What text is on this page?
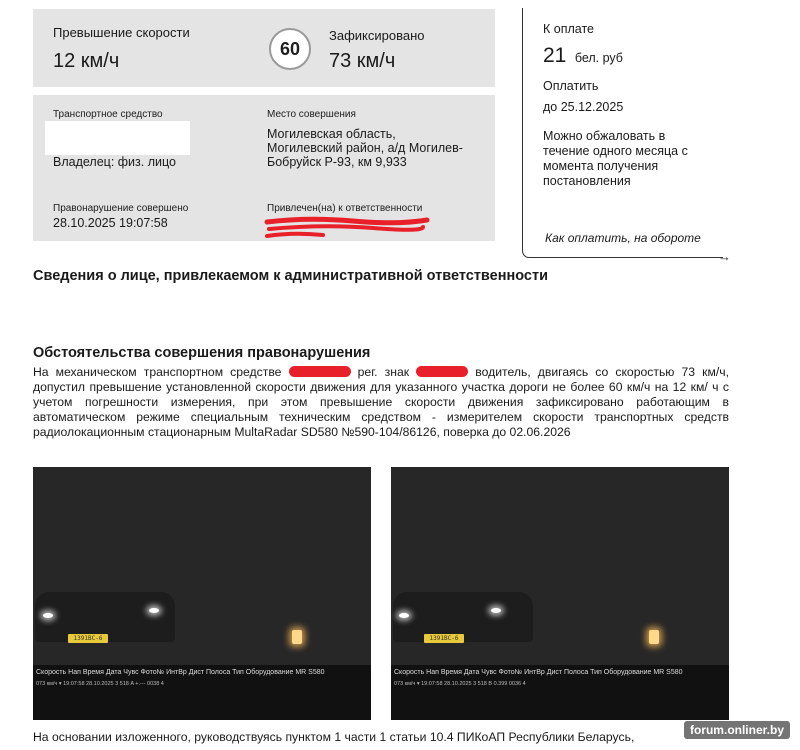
Превышение скорости
12 км/ч
60
Зафиксировано
73 км/ч
Транспортное средство
Владелец: физ. лицо
Место совершения
Могилевская область,
Могилевский район, а/д Могилев-
Бобруйск Р-93, км 9,933
Правонарушение совершено
28.10.2025 19:07:58
Привлечен(на) к ответственности
→
К оплате
21 бел. руб
Оплатить
до 25.12.2025
Можно обжаловать в
течение одного месяца с
момента получения
постановления
Как оплатить, на обороте
Сведения о лице, привлекаемом к административной ответственности
Обстоятельства совершения правонарушения
На механическом транспортном средстве	рег. знак	водитель, двигаясь со скоростью 73 км/ч, допустил превышение установленной скорости движения для указанного участка дороги не более 60 км/ч на 12 км/ ч с учетом погрешности измерения, при этом превышение скорости движения зафиксировано работающим в автоматическом режиме специальным техническим средством - измерителем скорости транспортных средств радиолокационным стационарным MultaRadar SD580 №590-104/86126, поверка до 02.06.2026
1391ВС-6
Скорость Нап Время Дата Чувс Фото№ ИнтВр Дист Полоса Тип Оборудование MR S580
073 км/ч ▾ 19:07:58 28.10.2025 3 518 A +.--- 0038 4
1391ВС-6
Скорость Нап Время Дата Чувс Фото№ ИнтВр Дист Полоса Тип Оборудование MR S580
073 км/ч ▾ 19:07:58 28.10.2025 3 518 B 0.399 0036 4
На основании изложенного, руководствуясь пунктом 1 части 1 статьи 10.4 ПИКоАП Республики Беларусь,	forum.onliner.by
